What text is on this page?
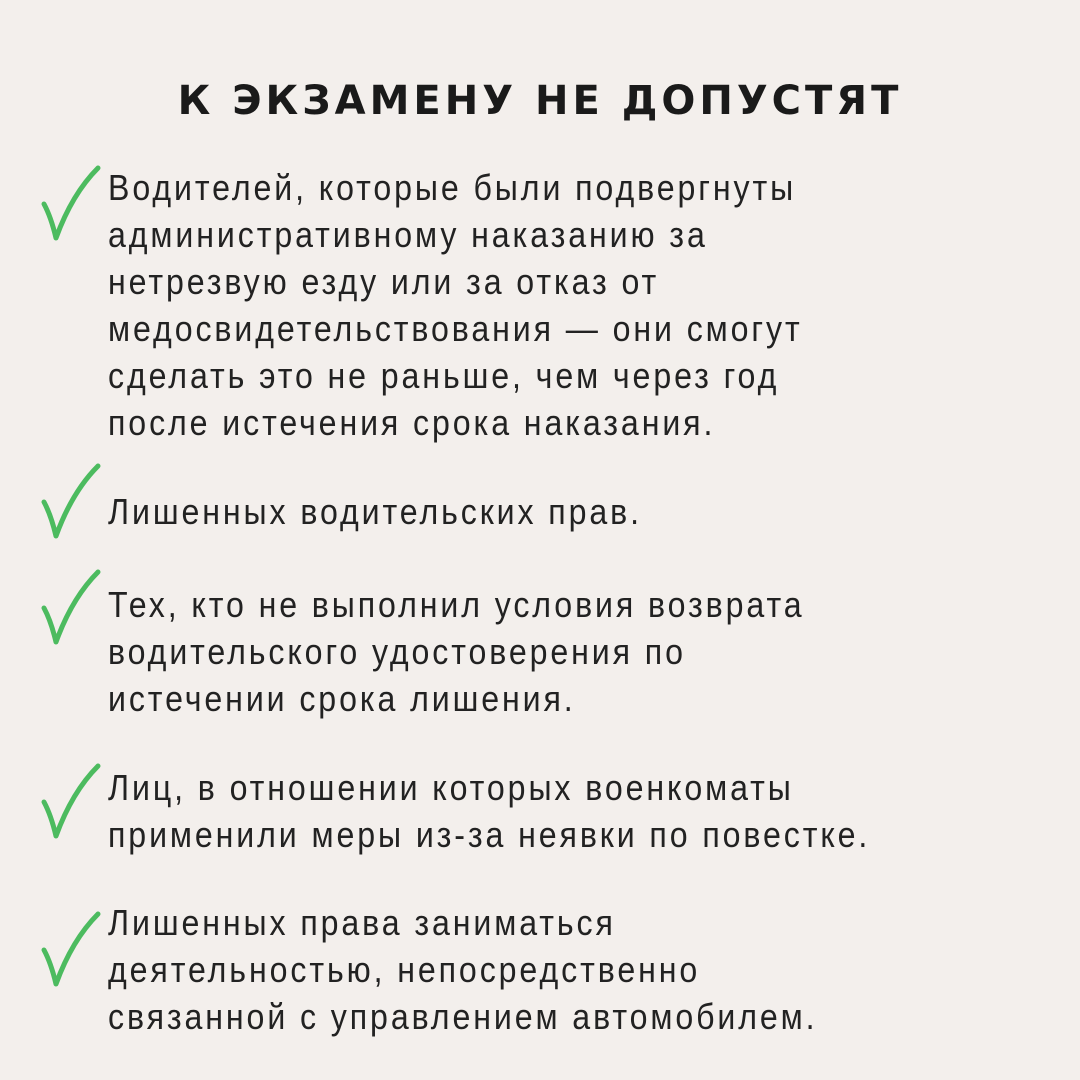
К ЭКЗАМЕНУ НЕ ДОПУСТЯТ

Водителей, которые были подвергнуты
административному наказанию за
нетрезвую езду или за отказ от
медосвидетельствования — они смогут
сделать это не раньше, чем через год
после истечения срока наказания.

Лишенных водительских прав.

Тех, кто не выполнил условия возврата
водительского удостоверения по
истечении срока лишения.

Лиц, в отношении которых военкоматы
применили меры из-за неявки по повестке.

Лишенных права заниматься
деятельностью, непосредственно
связанной с управлением автомобилем.
